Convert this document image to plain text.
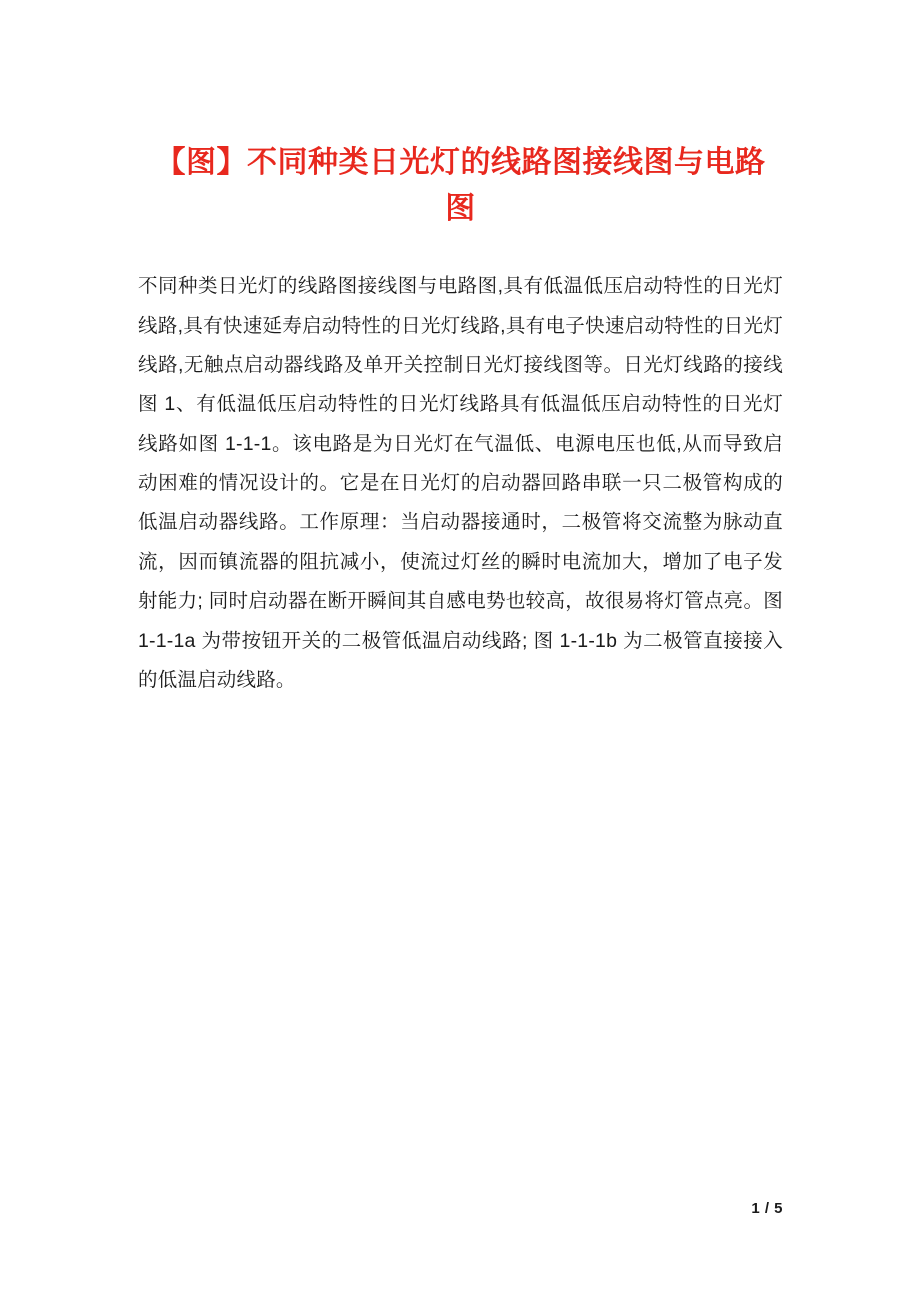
【图】不同种类日光灯的线路图接线图与电路图

不同种类日光灯的线路图接线图与电路图,具有低温低压启动特性的日光灯线路,具有快速延寿启动特性的日光灯线路,具有电子快速启动特性的日光灯线路,无触点启动器线路及单开关控制日光灯接线图等。日光灯线路的接线图 1、有低温低压启动特性的日光灯线路具有低温低压启动特性的日光灯线路如图 1-1-1。该电路是为日光灯在气温低、电源电压也低,从而导致启动困难的情况设计的。它是在日光灯的启动器回路串联一只二极管构成的低温启动器线路。工作原理：当启动器接通时，二极管将交流整为脉动直流，因而镇流器的阻抗减小，使流过灯丝的瞬时电流加大，增加了电子发射能力; 同时启动器在断开瞬间其自感电势也较高，故很易将灯管点亮。图 1-1-1a 为带按钮开关的二极管低温启动线路; 图 1-1-1b 为二极管直接接入的低温启动线路。

1 / 5
